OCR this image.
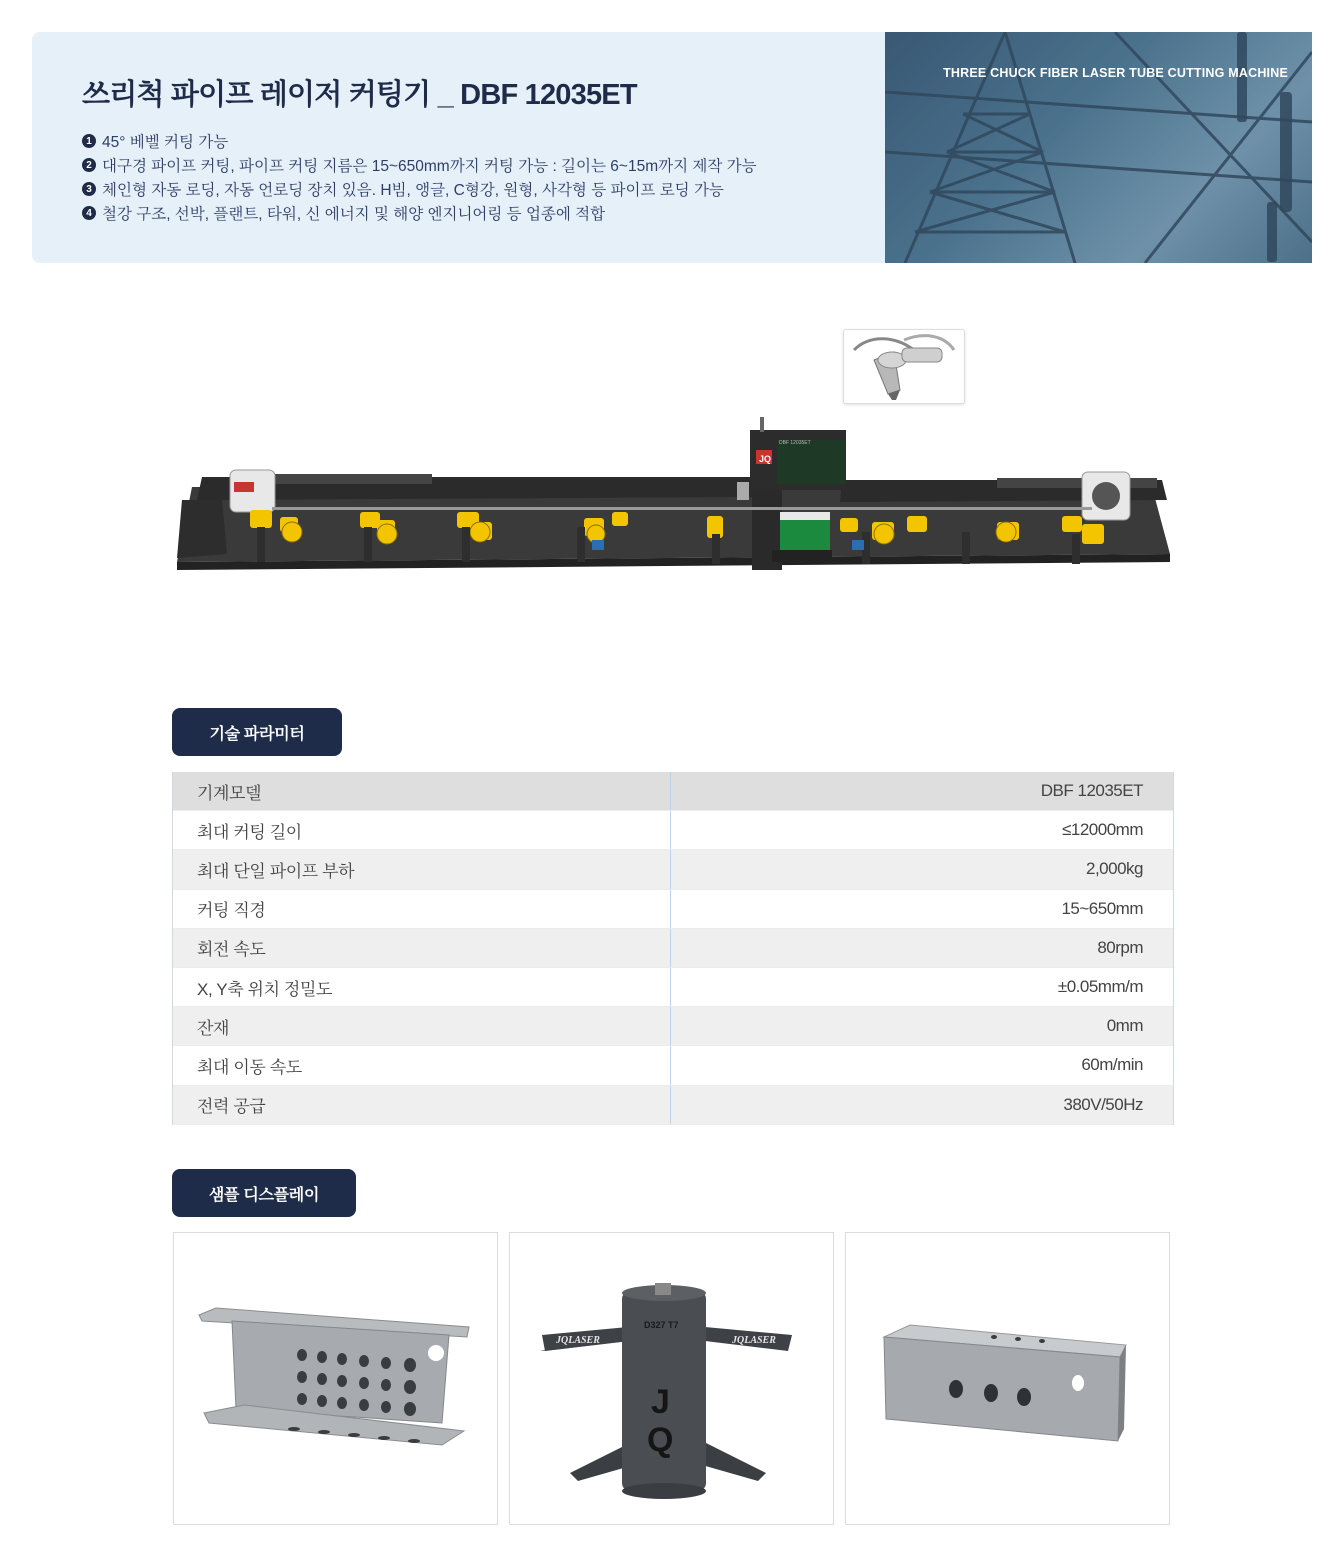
쓰리척 파이프 레이저 커팅기 _ DBF 12035ET
1 45° 베벨 커팅 가능
2 대구경 파이프 커팅, 파이프 커팅 지름은 15~650mm까지 커팅 가능 : 길이는 6~15m까지 제작 가능
3 체인형 자동 로딩, 자동 언로딩 장치 있음. H빔, 앵글, C형강, 원형, 사각형 등 파이프 로딩 가능
4 철강 구조, 선박, 플랜트, 타워, 신 에너지 및 해양 엔지니어링 등 업종에 적합
THREE CHUCK FIBER LASER TUBE CUTTING MACHINE
JQ
DBF 12035ET
기술 파라미터
기계모델	DBF 12035ET
최대 커팅 길이	≤12000mm
최대 단일 파이프 부하	2,000kg
커팅 직경	15~650mm
회전 속도	80rpm
X, Y축 위치 정밀도	±0.05mm/m
잔재	0mm
최대 이동 속도	60m/min
전력 공급	380V/50Hz
샘플 디스플레이
D327 T7
J
Q
JQLASER	JQLASER
